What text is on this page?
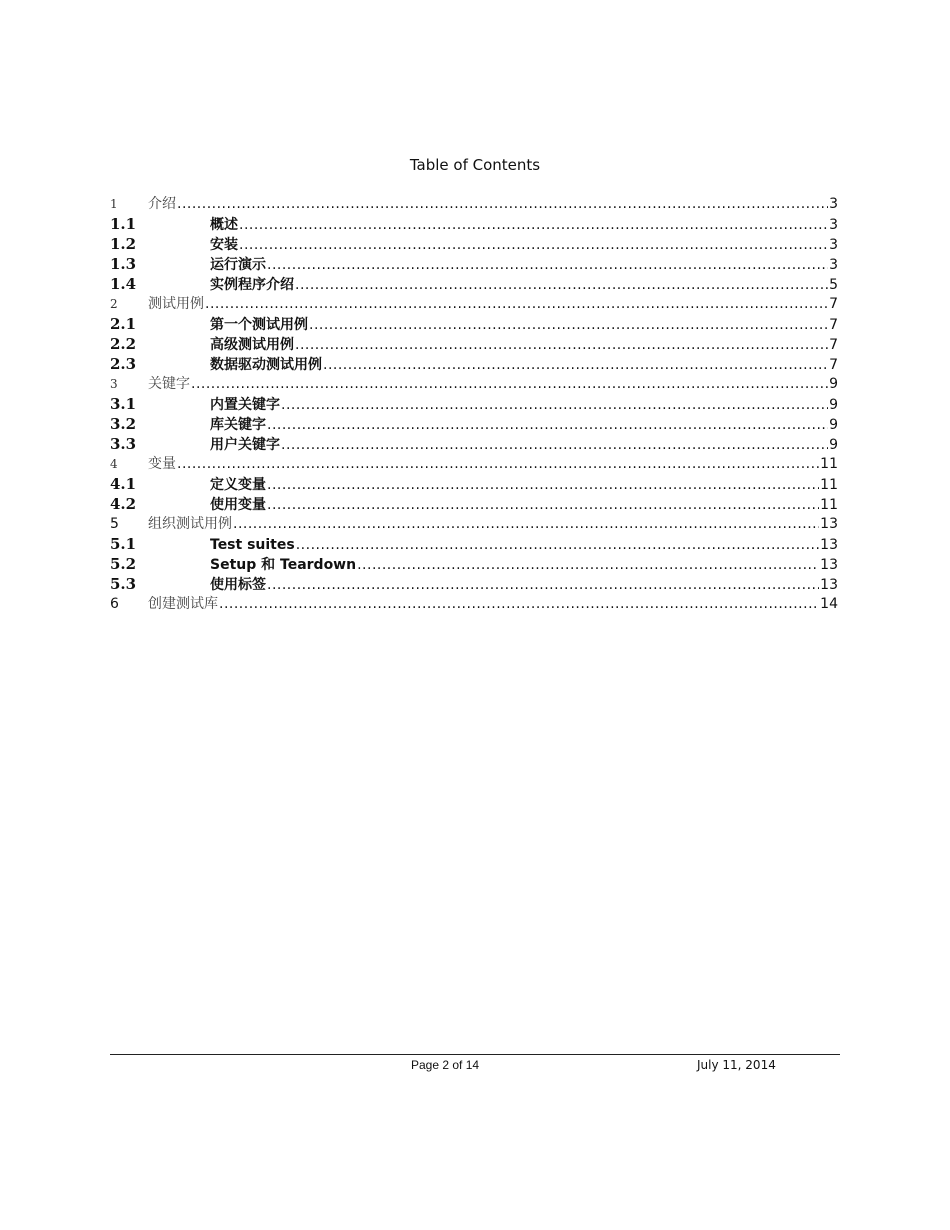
Table of Contents
1	介绍 .....	3
1.1	概述 .....	3
1.2	安装 .....	3
1.3	运行演示 .....	3
1.4	实例程序介绍 .....	5
2	测试用例 .....	7
2.1	第一个测试用例 .....	7
2.2	高级测试用例 .....	7
2.3	数据驱动测试用例 .....	7
3	关键字 .....	9
3.1	内置关键字 .....	9
3.2	库关键字 .....	9
3.3	用户关键字 .....	9
4	变量 .....	11
4.1	定义变量 .....	11
4.2	使用变量 .....	11
5	组织测试用例 .....	13
5.1	Test suites .....	13
5.2	Setup 和 Teardown .....	13
5.3	使用标签 .....	13
6	创建测试库 .....	14
Page 2 of 14	July 11, 2014
